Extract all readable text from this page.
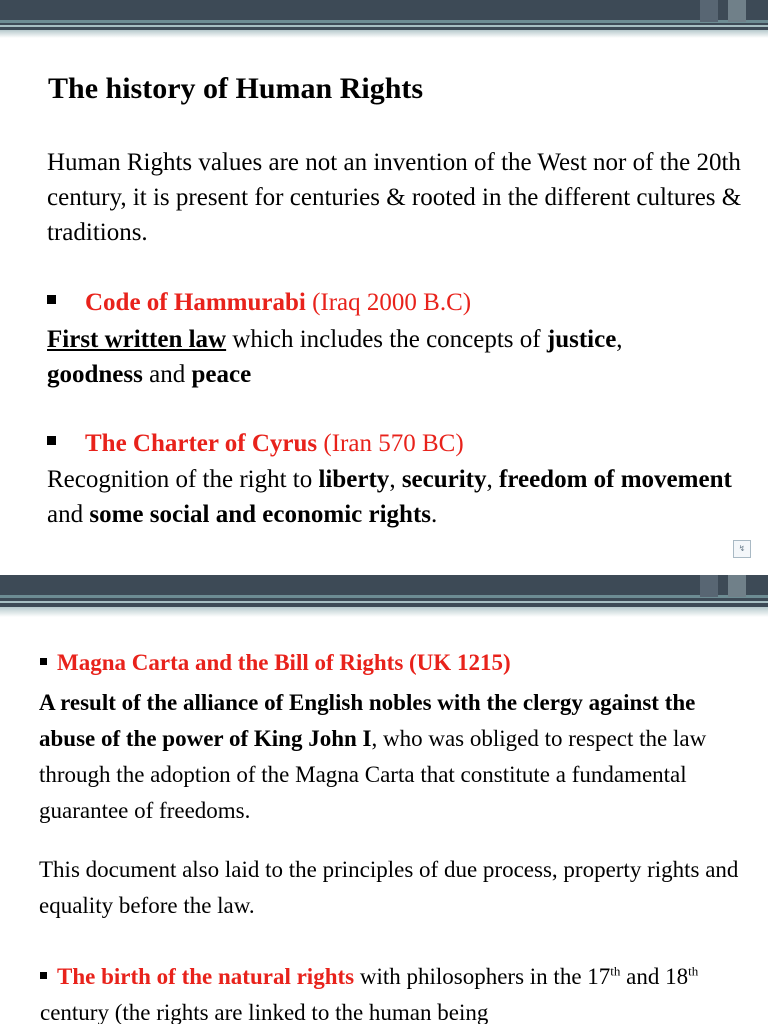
The history of Human Rights

Human Rights values are not an invention of the West nor of the 20th century, it is present for centuries & rooted in the different cultures & traditions.

Code of Hammurabi (Iraq 2000 B.C)

First written law which includes the concepts of justice,
goodness and peace

The Charter of Cyrus (Iran 570 BC)

Recognition of the right to liberty, security, freedom of movement and some social and economic rights.

↯

Magna Carta and the Bill of Rights (UK 1215)

A result of the alliance of English nobles with the clergy against the abuse of the power of King John I, who was obliged to respect the law through the adoption of the Magna Carta that constitute a fundamental guarantee of freedoms.

This document also laid to the principles of due process, property rights and equality before the law.

The birth of the natural rights with philosophers in the 17th and 18th century (the rights are linked to the human being
